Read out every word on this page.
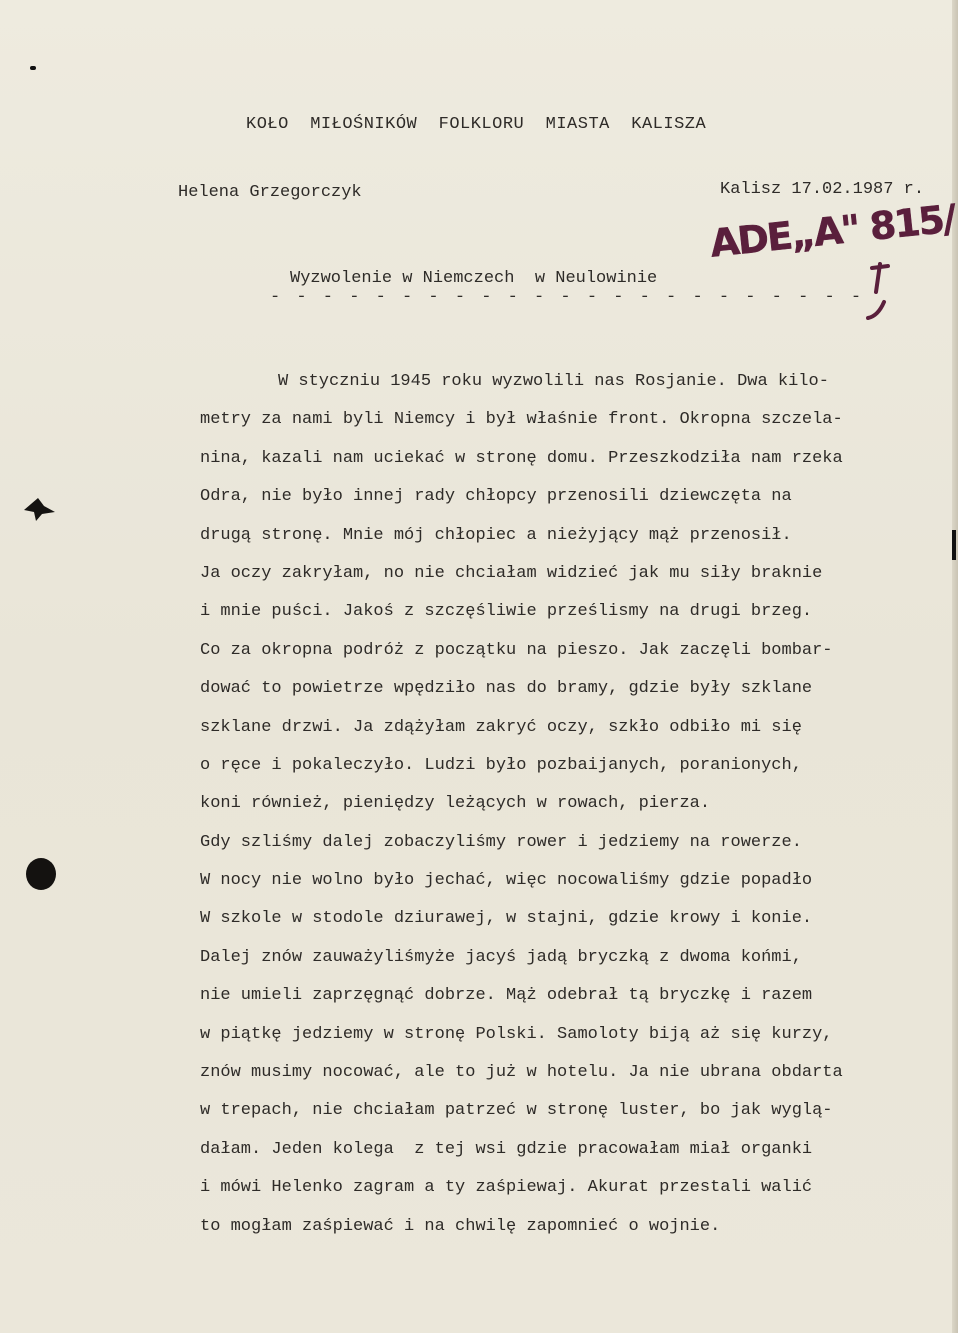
KOŁO  MIŁOŚNIKÓW  FOLKLORU  MIASTA  KALISZA
Helena Grzegorczyk	Kalisz 17.02.1987 r.
ADE„A" 815/
Wyzwolenie w Niemczech  w Neulowinie
- - - - - - - - - - - - - - - - - - - - - - -
W styczniu 1945 roku wyzwolili nas Rosjanie. Dwa kilo-
metry za nami byli Niemcy i był właśnie front. Okropna szczela-
nina, kazali nam uciekać w stronę domu. Przeszkodziła nam rzeka
Odra, nie było innej rady chłopcy przenosili dziewczęta na
drugą stronę. Mnie mój chłopiec a nieżyjący mąż przenosił.
Ja oczy zakryłam, no nie chciałam widzieć jak mu siły braknie
i mnie puści. Jakoś z szczęśliwie prześlismy na drugi brzeg.
Co za okropna podróż z początku na pieszo. Jak zaczęli bombar-
dować to powietrze wpędziło nas do bramy, gdzie były szklane
szklane drzwi. Ja zdążyłam zakryć oczy, szkło odbiło mi się
o ręce i pokaleczyło. Ludzi było pozbaijanych, poranionych,
koni również, pieniędzy leżących w rowach, pierza.
Gdy szliśmy dalej zobaczyliśmy rower i jedziemy na rowerze.
W nocy nie wolno było jechać, więc nocowaliśmy gdzie popadło
W szkole w stodole dziurawej, w stajni, gdzie krowy i konie.
Dalej znów zauważyliśmyże jacyś jadą bryczką z dwoma końmi,
nie umieli zaprzęgnąć dobrze. Mąż odebrał tą bryczkę i razem
w piątkę jedziemy w stronę Polski. Samoloty biją aż się kurzy,
znów musimy nocować, ale to już w hotelu. Ja nie ubrana obdarta
w trepach, nie chciałam patrzeć w stronę luster, bo jak wyglą-
dałam. Jeden kolega  z tej wsi gdzie pracowałam miał organki
i mówi Helenko zagram a ty zaśpiewaj. Akurat przestali walić
to mogłam zaśpiewać i na chwilę zapomnieć o wojnie.
